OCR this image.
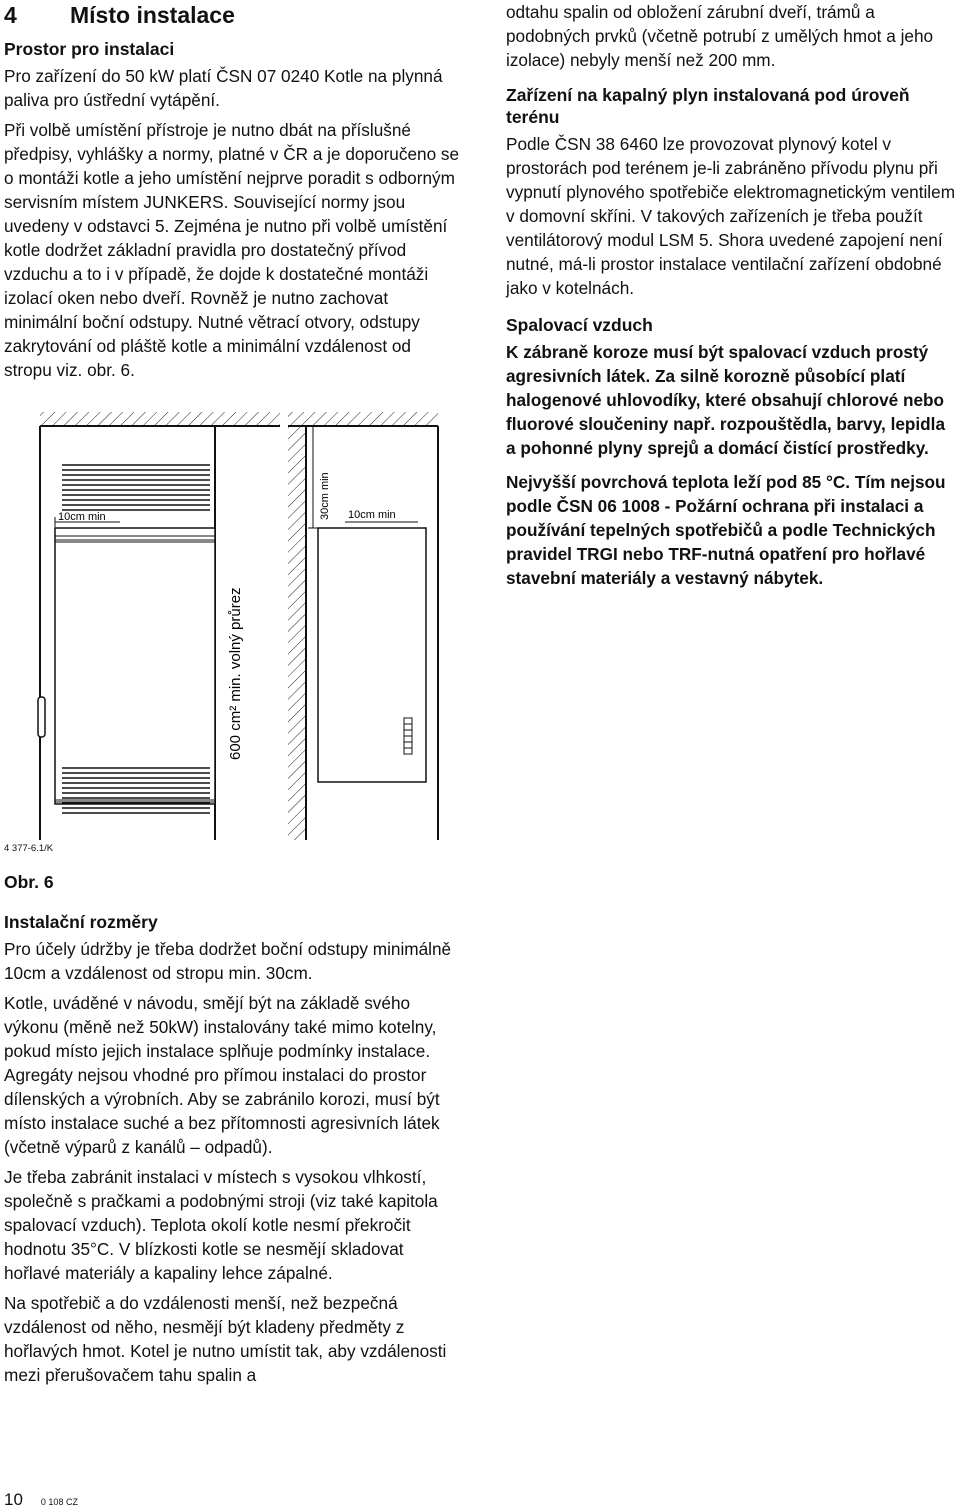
4 Místo instalace
Prostor pro instalaci

Pro zařízení do 50 kW platí ČSN 07 0240 Kotle na plynná paliva pro ústřední vytápění.

Při volbě umístění přístroje je nutno dbát na příslušné předpisy, vyhlášky a normy, platné v ČR a je doporučeno se o montáži kotle a jeho umístění nejprve poradit s odborným servisním místem JUNKERS. Související normy jsou uvedeny v odstavci 5. Zejména je nutno při volbě umístění kotle dodržet základní pravidla pro dostatečný přívod vzduchu a to i v případě, že dojde k dostatečné montáži izolací oken nebo dveří. Rovněž je nutno zachovat minimální boční odstupy. Nutné větrací otvory, odstupy zakrytování od pláště kotle a minimální vzdálenost od stropu viz. obr. 6.

10cm min
600 cm² min. volný průrez
30cm min 10cm min
4 377-6.1/K
Obr. 6
Instalační rozměry

Pro účely údržby je třeba dodržet boční odstupy minimálně 10cm a vzdálenost od stropu min. 30cm.

Kotle, uváděné v návodu, smějí být na základě svého výkonu (měně než 50kW) instalovány také mimo kotelny, pokud místo jejich instalace splňuje podmínky instalace. Agregáty nejsou vhodné pro přímou instalaci do prostor dílenských a výrobních. Aby se zabránilo korozi, musí být místo instalace suché a bez přítomnosti agresivních látek (včetně výparů z kanálů – odpadů).

Je třeba zabránit instalaci v místech s vysokou vlhkostí, společně s pračkami a podobnými stroji (viz také kapitola spalovací vzduch). Teplota okolí kotle nesmí překročit hodnotu 35°C. V blízkosti kotle se nesmějí skladovat hořlavé materiály a kapaliny lehce zápalné.

Na spotřebič a do vzdálenosti menší, než bezpečná vzdálenost od něho, nesmějí být kladeny předměty z hořlavých hmot. Kotel je nutno umístit tak, aby vzdálenosti mezi přerušovačem tahu spalin a

odtahu spalin od obložení zárubní dveří, trámů a podobných prvků (včetně potrubí z umělých hmot a jeho izolace) nebyly menší než 200 mm.

Zařízení na kapalný plyn instalovaná pod úroveň terénu

Podle ČSN 38 6460 lze provozovat plynový kotel v prostorách pod terénem je-li zabráněno přívodu plynu při vypnutí plynového spotřebiče elektromagnetickým ventilem v domovní skříni. V takových zařízeních je třeba použít ventilátorový modul LSM 5. Shora uvedené zapojení není nutné, má-li prostor instalace ventilační zařízení obdobné jako v kotelnách.

Spalovací vzduch

K zábraně koroze musí být spalovací vzduch prostý agresivních látek. Za silně korozně působící platí halogenové uhlovodíky, které obsahují chlorové nebo fluorové sloučeniny např. rozpouštědla, barvy, lepidla a pohonné plyny sprejů a domácí čistící prostředky.

Nejvyšší povrchová teplota leží pod 85 °C. Tím nejsou podle ČSN 06 1008 - Požární ochrana při instalaci a používání tepelných spotřebičů a podle Technických pravidel TRGI nebo TRF-nutná opatření pro hořlavé stavební materiály a vestavný nábytek.

10 0 108 CZ
